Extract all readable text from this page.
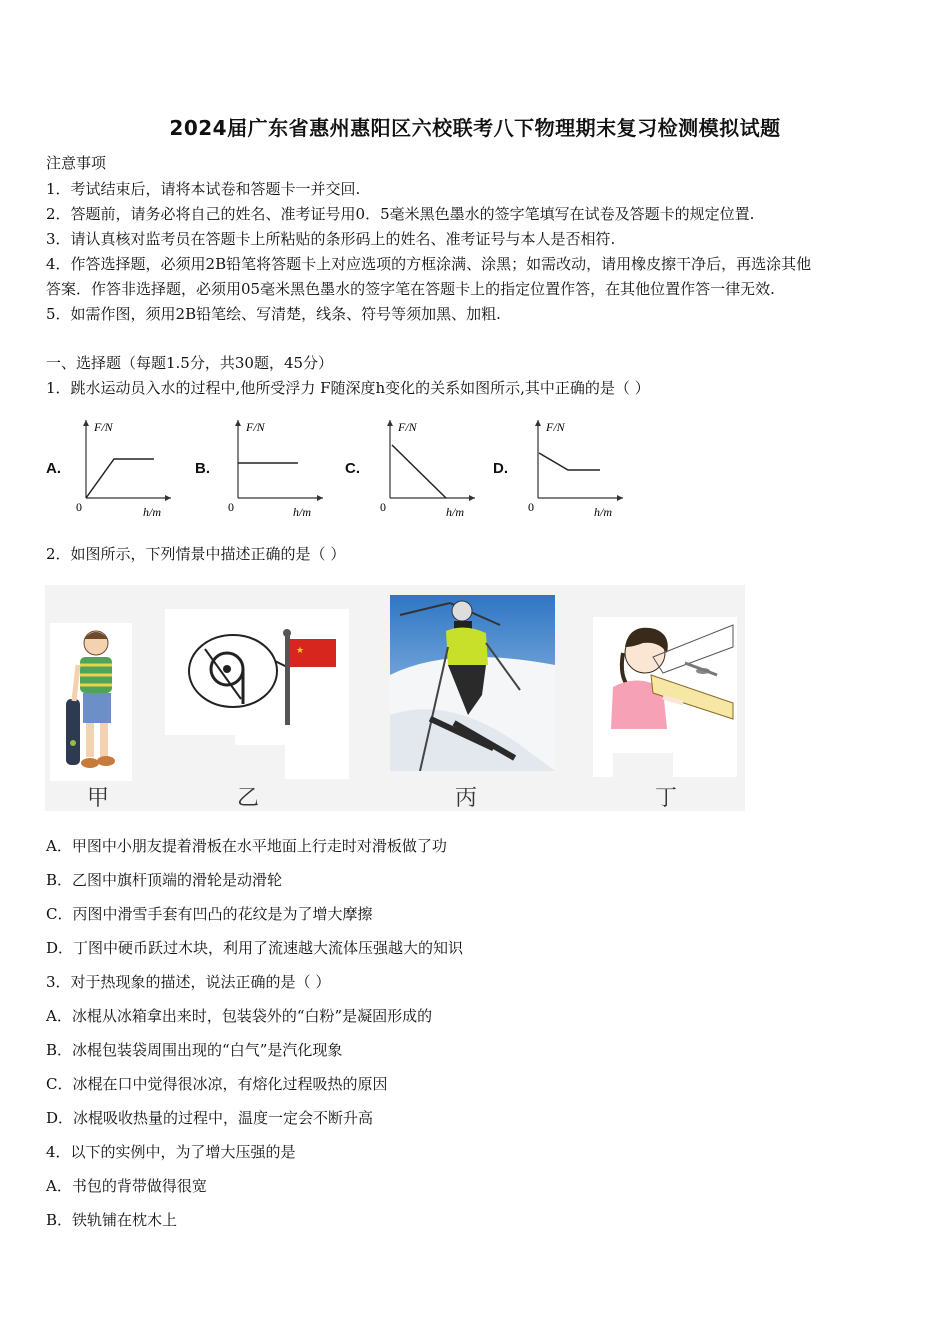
2024届广东省惠州惠阳区六校联考八下物理期末复习检测模拟试题
注意事项
1．考试结束后，请将本试卷和答题卡一并交回.
2．答题前，请务必将自己的姓名、准考证号用0．5毫米黑色墨水的签字笔填写在试卷及答题卡的规定位置.
3．请认真核对监考员在答题卡上所粘贴的条形码上的姓名、准考证号与本人是否相符.
4．作答选择题，必须用2B铅笔将答题卡上对应选项的方框涂满、涂黑；如需改动，请用橡皮擦干净后，再选涂其他
答案．作答非选择题，必须用05毫米黑色墨水的签字笔在答题卡上的指定位置作答，在其他位置作答一律无效.
5．如需作图，须用2B铅笔绘、写清楚，线条、符号等须加黑、加粗.
一、选择题（每题1.5分，共30题，45分）
1．跳水运动员入水的过程中,他所受浮力 F随深度h变化的关系如图所示,其中正确的是（ ）
A.
F/N
0	h/m
B.
F/N
0	h/m
C.
F/N
0	h/m
D.
F/N
0	h/m
2．如图所示，下列情景中描述正确的是（ ）
★
甲	乙	丙	丁
A．甲图中小朋友提着滑板在水平地面上行走时对滑板做了功
B．乙图中旗杆顶端的滑轮是动滑轮
C．丙图中滑雪手套有凹凸的花纹是为了增大摩擦
D．丁图中硬币跃过木块，利用了流速越大流体压强越大的知识
3．对于热现象的描述，说法正确的是（ ）
A．冰棍从冰箱拿出来时，包装袋外的“白粉”是凝固形成的
B．冰棍包装袋周围出现的“白气”是汽化现象
C．冰棍在口中觉得很冰凉，有熔化过程吸热的原因
D．冰棍吸收热量的过程中，温度一定会不断升高
4．以下的实例中，为了增大压强的是
A．书包的背带做得很宽
B．铁轨铺在枕木上
